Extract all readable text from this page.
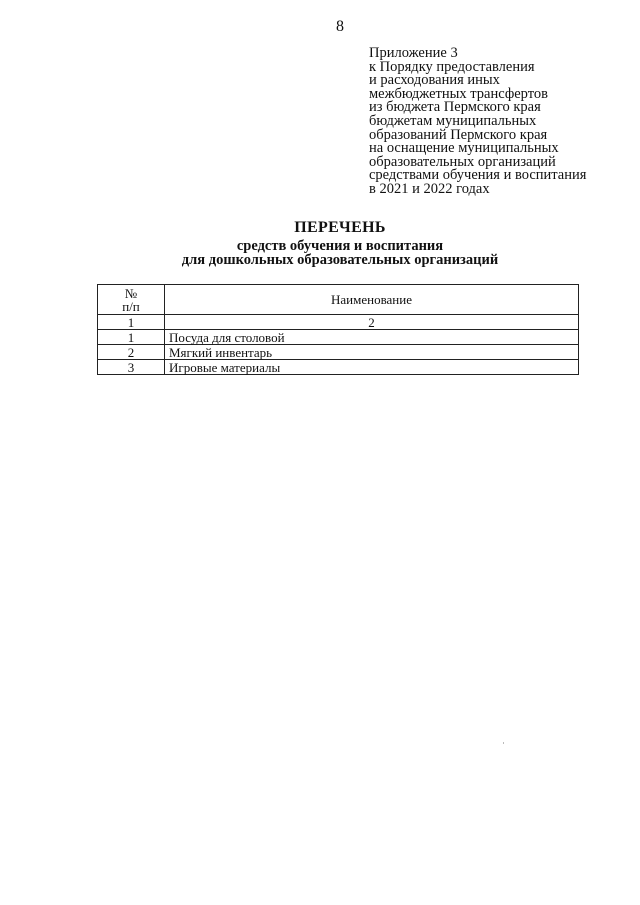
8
Приложение 3
к Порядку предоставления
и расходования иных
межбюджетных трансфертов
из бюджета Пермского края
бюджетам муниципальных
образований Пермского края
на оснащение муниципальных
образовательных организаций
средствами обучения и воспитания
в 2021 и 2022 годах
ПЕРЕЧЕНЬ
средств обучения и воспитания
для дошкольных образовательных организаций
№
п/п	Наименование
1	2
1	Посуда для столовой
2	Мягкий инвентарь
3	Игровые материалы
